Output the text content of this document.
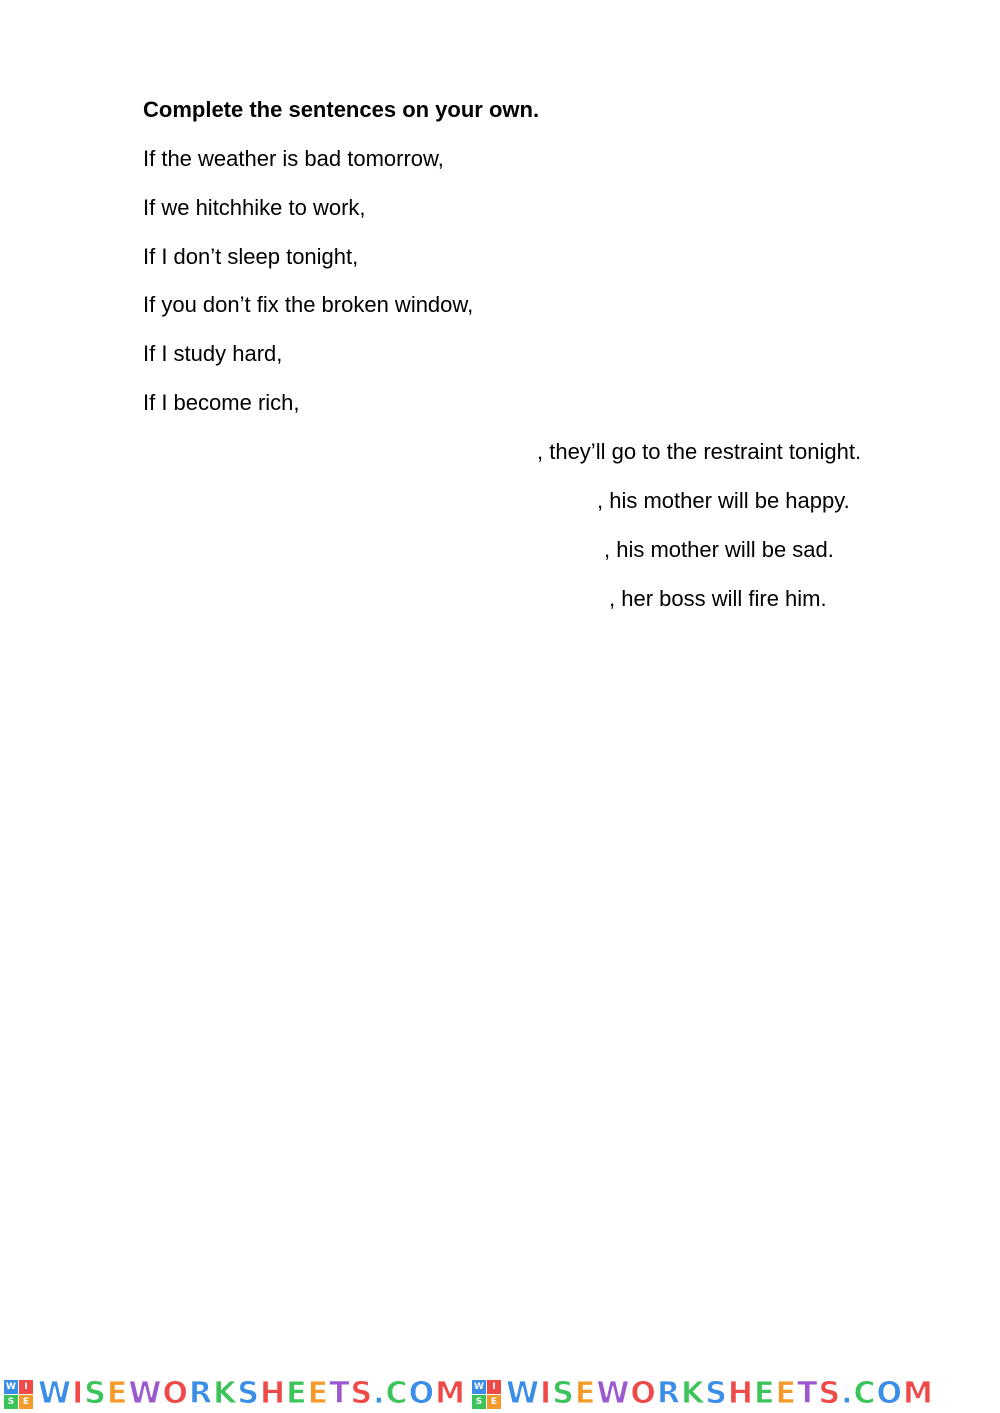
Complete the sentences on your own.
If the weather is bad tomorrow,
If we hitchhike to work,
If I don’t sleep tonight,
If you don’t fix the broken window,
If I study hard,
If I become rich,
, they’ll go to the restraint tonight.
, his mother will be happy.
, his mother will be sad.
, her boss will fire him.
W I
S E WISEWORKSHEETS.COM W I
S E WISEWORKSHEETS.COM
